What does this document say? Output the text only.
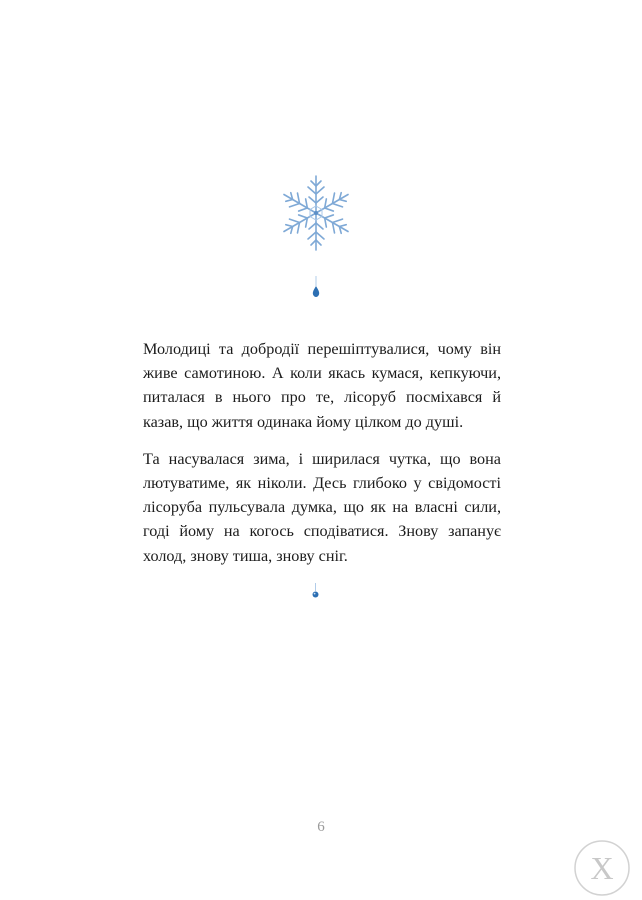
Молодиці та добродії перешіптувалися, чому він живе самотиною. А коли якась кумася, кепкуючи, питалася в нього про те, лісоруб посміхався й казав, що життя одинака йому цілком до душі.

Та насувалася зима, і ширилася чутка, що вона лютуватиме, як ніколи. Десь глибоко у свідомості лісоруба пульсувала думка, що як на власні сили, годі йому на когось сподіватися. Знову запанує холод, знову тиша, знову сніг.

6
Х
